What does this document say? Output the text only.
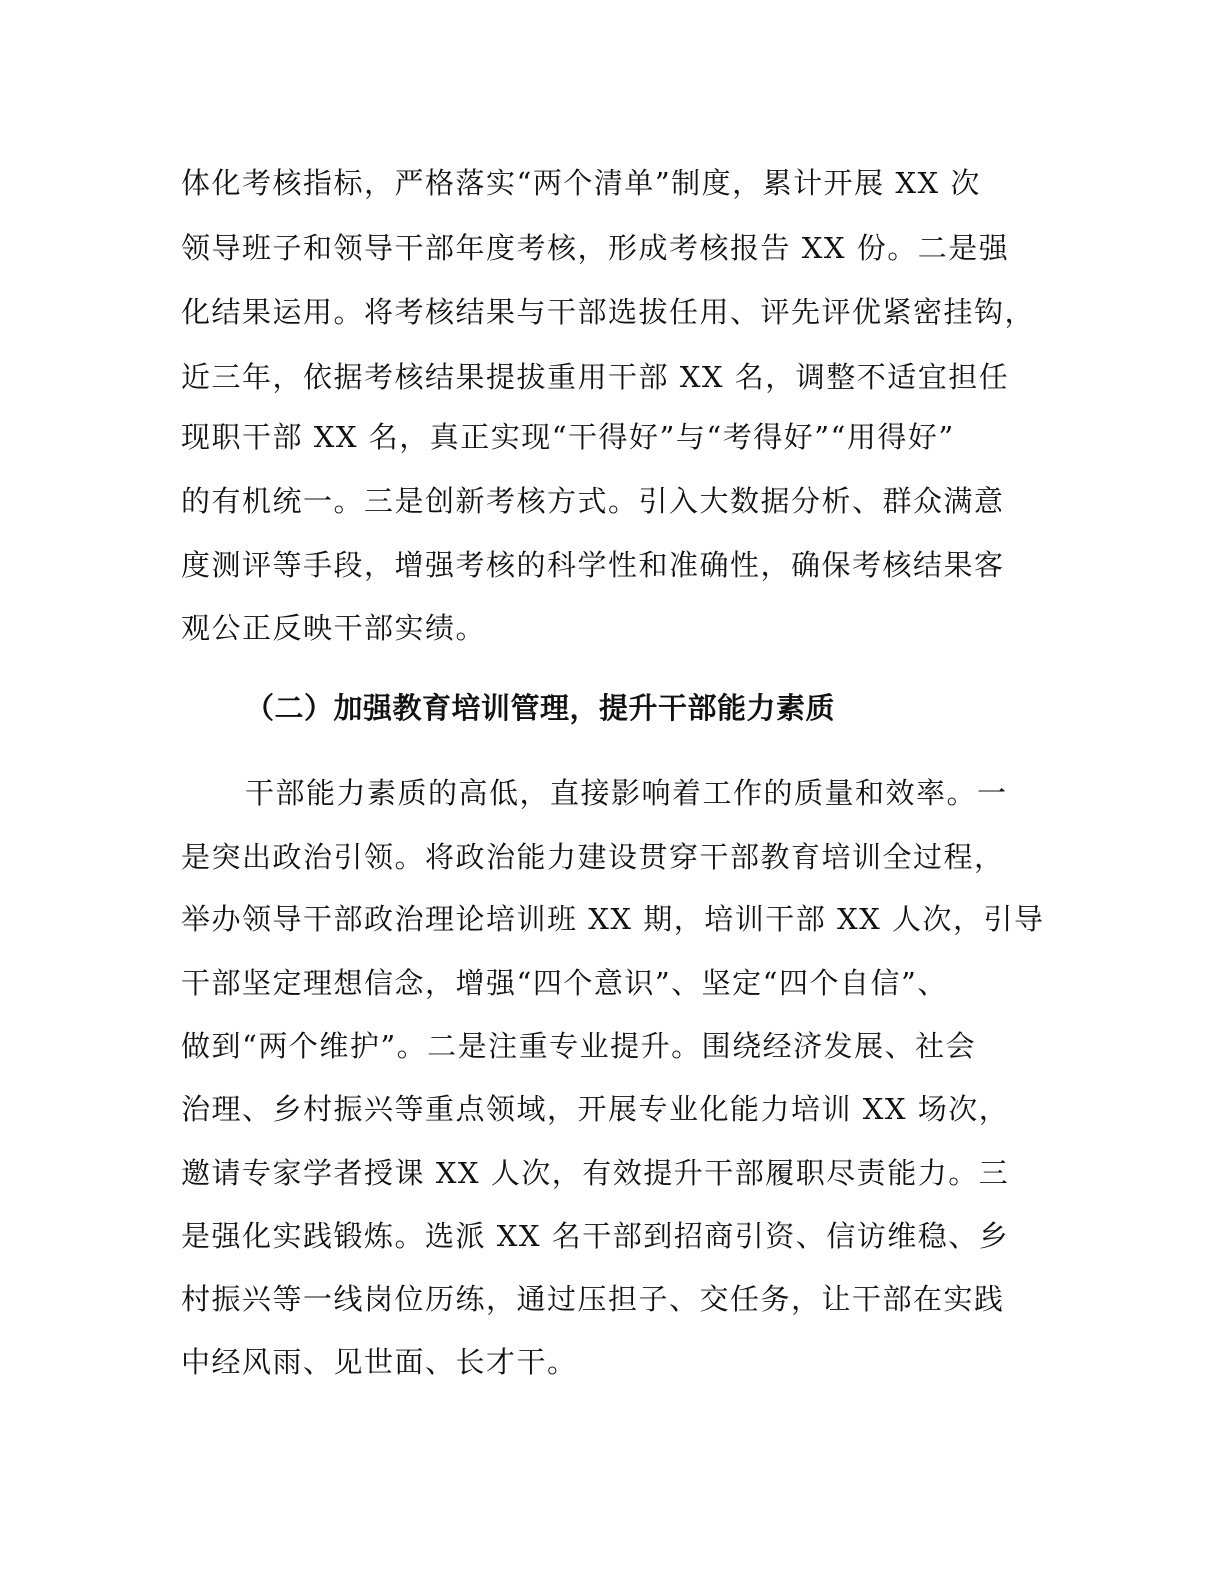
体化考核指标，严格落实“两个清单”制度，累计开展 XX 次
领导班子和领导干部年度考核，形成考核报告 XX 份。二是强
化结果运用。将考核结果与干部选拔任用、评先评优紧密挂钩，
近三年，依据考核结果提拔重用干部 XX 名，调整不适宜担任
现职干部 XX 名，真正实现“干得好”与“考得好”“用得好”
的有机统一。三是创新考核方式。引入大数据分析、群众满意
度测评等手段，增强考核的科学性和准确性，确保考核结果客
观公正反映干部实绩。
（二）加强教育培训管理，提升干部能力素质
干部能力素质的高低，直接影响着工作的质量和效率。一
是突出政治引领。将政治能力建设贯穿干部教育培训全过程，
举办领导干部政治理论培训班 XX 期，培训干部 XX 人次，引导
干部坚定理想信念，增强“四个意识”、坚定“四个自信”、
做到“两个维护”。二是注重专业提升。围绕经济发展、社会
治理、乡村振兴等重点领域，开展专业化能力培训 XX 场次，
邀请专家学者授课 XX 人次，有效提升干部履职尽责能力。三
是强化实践锻炼。选派 XX 名干部到招商引资、信访维稳、乡
村振兴等一线岗位历练，通过压担子、交任务，让干部在实践
中经风雨、见世面、长才干。
